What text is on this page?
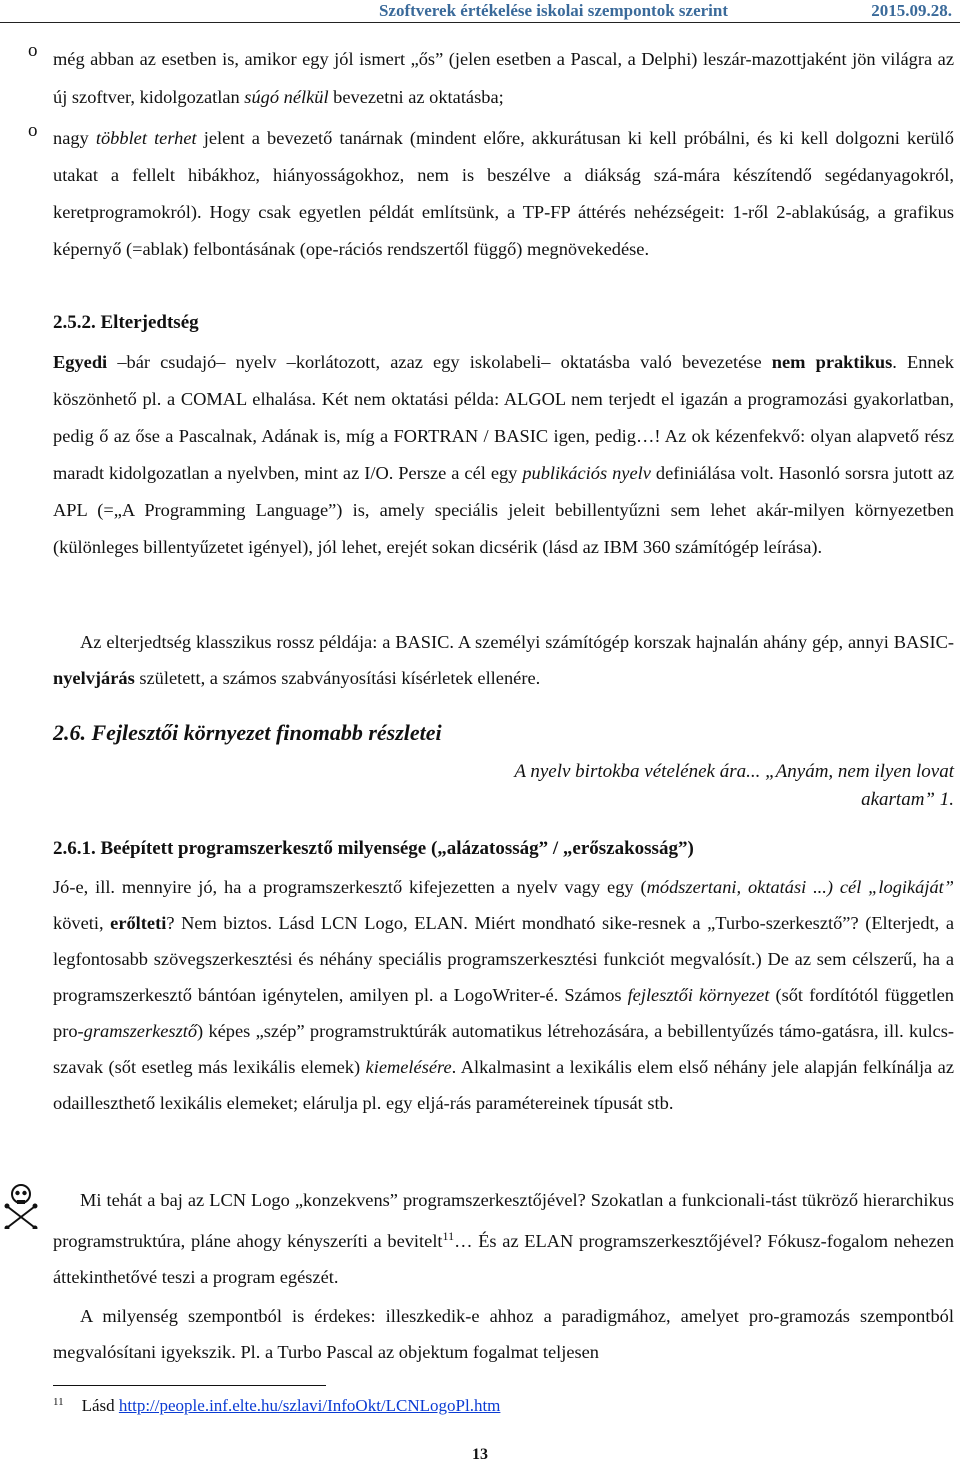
Szoftverek értékelése iskolai szempontok szerint	2015.09.28.
o még abban az esetben is, amikor egy jól ismert „ős” (jelen esetben a Pascal, a Delphi) leszár-mazottjaként jön világra az új szoftver, kidolgozatlan súgó nélkül bevezetni az oktatásba;
o nagy többlet terhet jelent a bevezető tanárnak (mindent előre, akkurátusan ki kell próbálni, és ki kell dolgozni kerülő utakat a fellelt hibákhoz, hiányosságokhoz, nem is beszélve a diákság szá-mára készítendő segédanyagokról, keretprogramokról). Hogy csak egyetlen példát említsünk, a TP-FP áttérés nehézségeit: 1-ről 2-ablakúság, a grafikus képernyő (=ablak) felbontásának (ope-rációs rendszertől függő) megnövekedése.
2.5.2. Elterjedtség
Egyedi –bár csudajó– nyelv –korlátozott, azaz egy iskolabeli– oktatásba való bevezetése nem praktikus. Ennek köszönhető pl. a COMAL elhalása. Két nem oktatási példa: ALGOL nem terjedt el igazán a programozási gyakorlatban, pedig ő az őse a Pascalnak, Adának is, míg a FORTRAN / BASIC igen, pedig…! Az ok kézenfekvő: olyan alapvető rész maradt kidolgozatlan a nyelvben, mint az I/O. Persze a cél egy publikációs nyelv definiálása volt. Hasonló sorsra jutott az APL (=„A Programming Language”) is, amely speciális jeleit bebillentyűzni sem lehet akár-milyen környezetben (különleges billentyűzetet igényel), jól lehet, erejét sokan dicsérik (lásd az IBM 360 számítógép leírása).
Az elterjedtség klasszikus rossz példája: a BASIC. A személyi számítógép korszak hajnalán ahány gép, annyi BASIC-nyelvjárás született, a számos szabványosítási kísérletek ellenére.
2.6. Fejlesztői környezet finomabb részletei
A nyelv birtokba vételének ára... „Anyám, nem ilyen lovat
akartam” 1.
2.6.1. Beépített programszerkesztő milyensége („alázatosság” / „erőszakosság”)
Jó-e, ill. mennyire jó, ha a programszerkesztő kifejezetten a nyelv vagy egy (módszertani, oktatási ...) cél „logikáját” követi, erőlteti? Nem biztos. Lásd LCN Logo, ELAN. Miért mondható sike-resnek a „Turbo-szerkesztő”? (Elterjedt, a legfontosabb szövegszerkesztési és néhány speciális programszerkesztési funkciót megvalósít.) De az sem célszerű, ha a programszerkesztő bántóan igénytelen, amilyen pl. a LogoWriter-é. Számos fejlesztői környezet (sőt fordítótól független pro-gramszerkesztő) képes „szép” programstruktúrák automatikus létrehozására, a bebillentyűzés támo-gatásra, ill. kulcs-szavak (sőt esetleg más lexikális elemek) kiemelésére. Alkalmasint a lexikális elem első néhány jele alapján felkínálja az odailleszthető lexikális elemeket; elárulja pl. egy eljá-rás paramétereinek típusát stb.
Mi tehát a baj az LCN Logo „konzekvens” programszerkesztőjével? Szokatlan a funkcionali-tást tükröző hierarchikus programstruktúra, pláne ahogy kényszeríti a bevitelt$^{11}$… És az ELAN programszerkesztőjével? Fókusz-fogalom nehezen áttekinthetővé teszi a program egészét.
A milyenség szempontból is érdekes: illeszkedik-e ahhoz a paradigmához, amelyet pro-gramozás szempontból megvalósítani igyekszik. Pl. a Turbo Pascal az objektum fogalmat teljesen
$^{11}$ Lásd http://people.inf.elte.hu/szlavi/InfoOkt/LCNLogoPl.htm
13
